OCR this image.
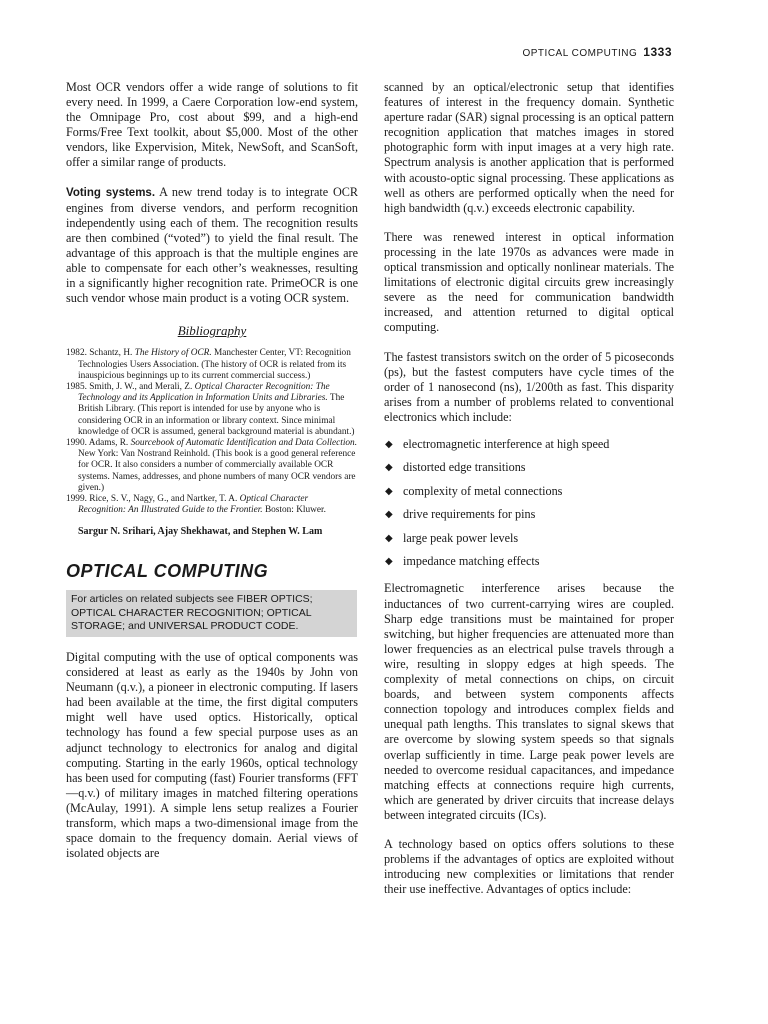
OPTICAL COMPUTING 1333

Most OCR vendors offer a wide range of solutions to fit every need. In 1999, a Caere Corporation low-end system, the Omnipage Pro, cost about $99, and a high-end Forms/Free Text toolkit, about $5,000. Most of the other vendors, like Expervision, Mitek, NewSoft, and ScanSoft, offer a similar range of products.

Voting systems. A new trend today is to integrate OCR engines from diverse vendors, and perform recognition independently using each of them. The recognition results are then combined (“voted”) to yield the final result. The advantage of this approach is that the multiple engines are able to compensate for each other’s weaknesses, resulting in a significantly higher recognition rate. PrimeOCR is one such vendor whose main product is a voting OCR system.

Bibliography

1982. Schantz, H. The History of OCR. Manchester Center, VT: Recognition Technologies Users Association. (The history of OCR is related from its inauspicious beginnings up to its current commercial success.)

1985. Smith, J. W., and Merali, Z. Optical Character Recognition: The Technology and its Application in Information Units and Libraries. The British Library. (This report is intended for use by anyone who is considering OCR in an information or library context. Since minimal knowledge of OCR is assumed, general background material is abundant.)

1990. Adams, R. Sourcebook of Automatic Identification and Data Collection. New York: Van Nostrand Reinhold. (This book is a good general reference for OCR. It also considers a number of commercially available OCR systems. Names, addresses, and phone numbers of many OCR vendors are given.)

1999. Rice, S. V., Nagy, G., and Nartker, T. A. Optical Character Recognition: An Illustrated Guide to the Frontier. Boston: Kluwer.

Sargur N. Srihari, Ajay Shekhawat, and Stephen W. Lam

OPTICAL COMPUTING
For articles on related subjects see FIBER OPTICS; OPTICAL CHARACTER RECOGNITION; OPTICAL STORAGE; and UNIVERSAL PRODUCT CODE.

Digital computing with the use of optical components was considered at least as early as the 1940s by John von Neumann (q.v.), a pioneer in electronic computing. If lasers had been available at the time, the first digital computers might well have used optics. Historically, optical technology has found a few special purpose uses as an adjunct technology to electronics for analog and digital computing. Starting in the early 1960s, optical technology has been used for computing (fast) Fourier transforms (FFT—q.v.) of military images in matched filtering operations (McAulay, 1991). A simple lens setup realizes a Fourier transform, which maps a two-dimensional image from the space domain to the frequency domain. Aerial views of isolated objects are

scanned by an optical/electronic setup that identifies features of interest in the frequency domain. Synthetic aperture radar (SAR) signal processing is an optical pattern recognition application that matches images in stored photographic form with input images at a very high rate. Spectrum analysis is another application that is performed with acousto-optic signal processing. These applications as well as others are performed optically when the need for high bandwidth (q.v.) exceeds electronic capability.

There was renewed interest in optical information processing in the late 1970s as advances were made in optical transmission and optically nonlinear materials. The limitations of electronic digital circuits grew increasingly severe as the need for communication bandwidth increased, and attention returned to digital optical computing.

The fastest transistors switch on the order of 5 picoseconds (ps), but the fastest computers have cycle times of the order of 1 nanosecond (ns), 1/200th as fast. This disparity arises from a number of problems related to conventional electronics which include:

◆ electromagnetic interference at high speed
◆ distorted edge transitions
◆ complexity of metal connections
◆ drive requirements for pins
◆ large peak power levels
◆ impedance matching effects

Electromagnetic interference arises because the inductances of two current-carrying wires are coupled. Sharp edge transitions must be maintained for proper switching, but higher frequencies are attenuated more than lower frequencies as an electrical pulse travels through a wire, resulting in sloppy edges at high speeds. The complexity of metal connections on chips, on circuit boards, and between system components affects connection topology and introduces complex fields and unequal path lengths. This translates to signal skews that are overcome by slowing system speeds so that signals overlap sufficiently in time. Large peak power levels are needed to overcome residual capacitances, and impedance matching effects at connections require high currents, which are generated by driver circuits that increase delays between integrated circuits (ICs).

A technology based on optics offers solutions to these problems if the advantages of optics are exploited without introducing new complexities or limitations that render their use ineffective. Advantages of optics include:
